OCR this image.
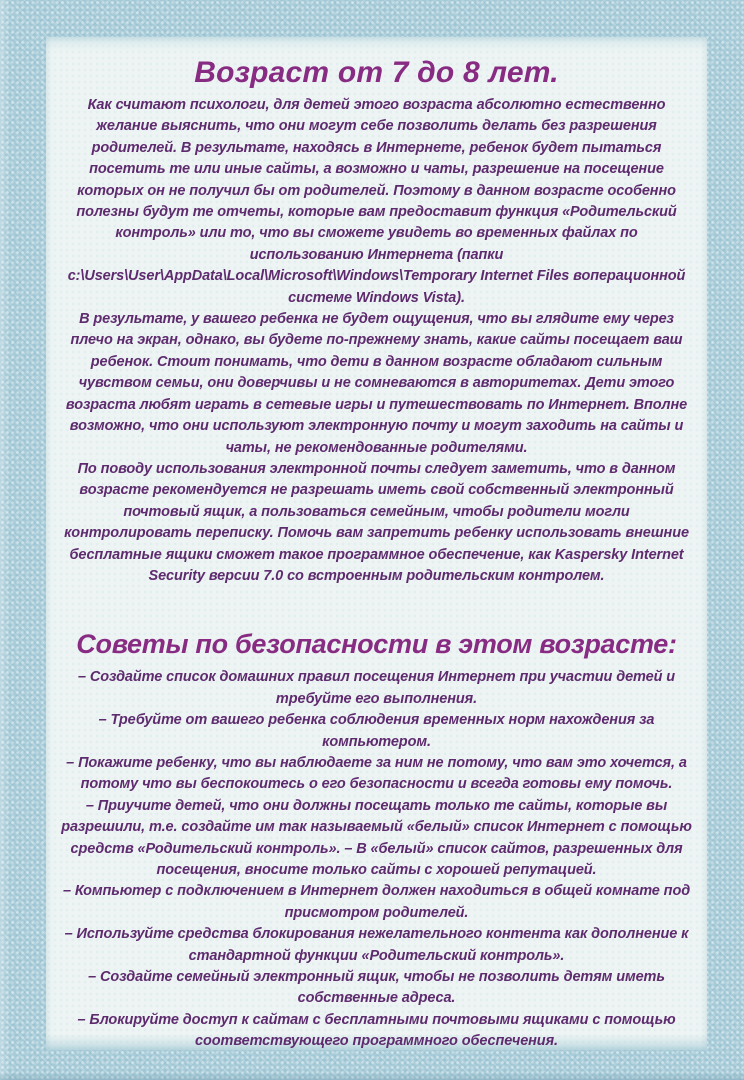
Возраст от 7 до 8 лет.

Как считают психологи, для детей этого возраста абсолютно естественно желание выяснить, что они могут себе позволить делать без разрешения родителей. В результате, находясь в Интернете, ребенок будет пытаться посетить те или иные сайты, а возможно и чаты, разрешение на посещение которых он не получил бы от родителей. Поэтому в данном возрасте особенно полезны будут те отчеты, которые вам предоставит функция «Родительский контроль» или то, что вы сможете увидеть во временных файлах по использованию Интернета (папки c:\Users\User\AppData\Local\Microsoft\Windows\Temporary Internet Files воперационной системе Windows Vista).

В результате, у вашего ребенка не будет ощущения, что вы глядите ему через плечо на экран, однако, вы будете по-прежнему знать, какие сайты посещает ваш ребенок. Стоит понимать, что дети в данном возрасте обладают сильным чувством семьи, они доверчивы и не сомневаются в авторитетах. Дети этого возраста любят играть в сетевые игры и путешествовать по Интернет. Вполне возможно, что они используют электронную почту и могут заходить на сайты и чаты, не рекомендованные родителями.

По поводу использования электронной почты следует заметить, что в данном возрасте рекомендуется не разрешать иметь свой собственный электронный почтовый ящик, а пользоваться семейным, чтобы родители могли контролировать переписку. Помочь вам запретить ребенку использовать внешние бесплатные ящики сможет такое программное обеспечение, как Kaspersky Internet Security версии 7.0 со встроенным родительским контролем.

Советы по безопасности в этом возрасте:

– Создайте список домашних правил посещения Интернет при участии детей и требуйте его выполнения.

– Требуйте от вашего ребенка соблюдения временных норм нахождения за компьютером.

– Покажите ребенку, что вы наблюдаете за ним не потому, что вам это хочется, а потому что вы беспокоитесь о его безопасности и всегда готовы ему помочь.

– Приучите детей, что они должны посещать только те сайты, которые вы разрешили, т.е. создайте им так называемый «белый» список Интернет с помощью средств «Родительский контроль». – В «белый» список сайтов, разрешенных для посещения, вносите только сайты с хорошей репутацией.

– Компьютер с подключением в Интернет должен находиться в общей комнате под присмотром родителей.

– Используйте средства блокирования нежелательного контента как дополнение к стандартной функции «Родительский контроль».

– Создайте семейный электронный ящик, чтобы не позволить детям иметь собственные адреса.

– Блокируйте доступ к сайтам с бесплатными почтовыми ящиками с помощью соответствующего программного обеспечения.
